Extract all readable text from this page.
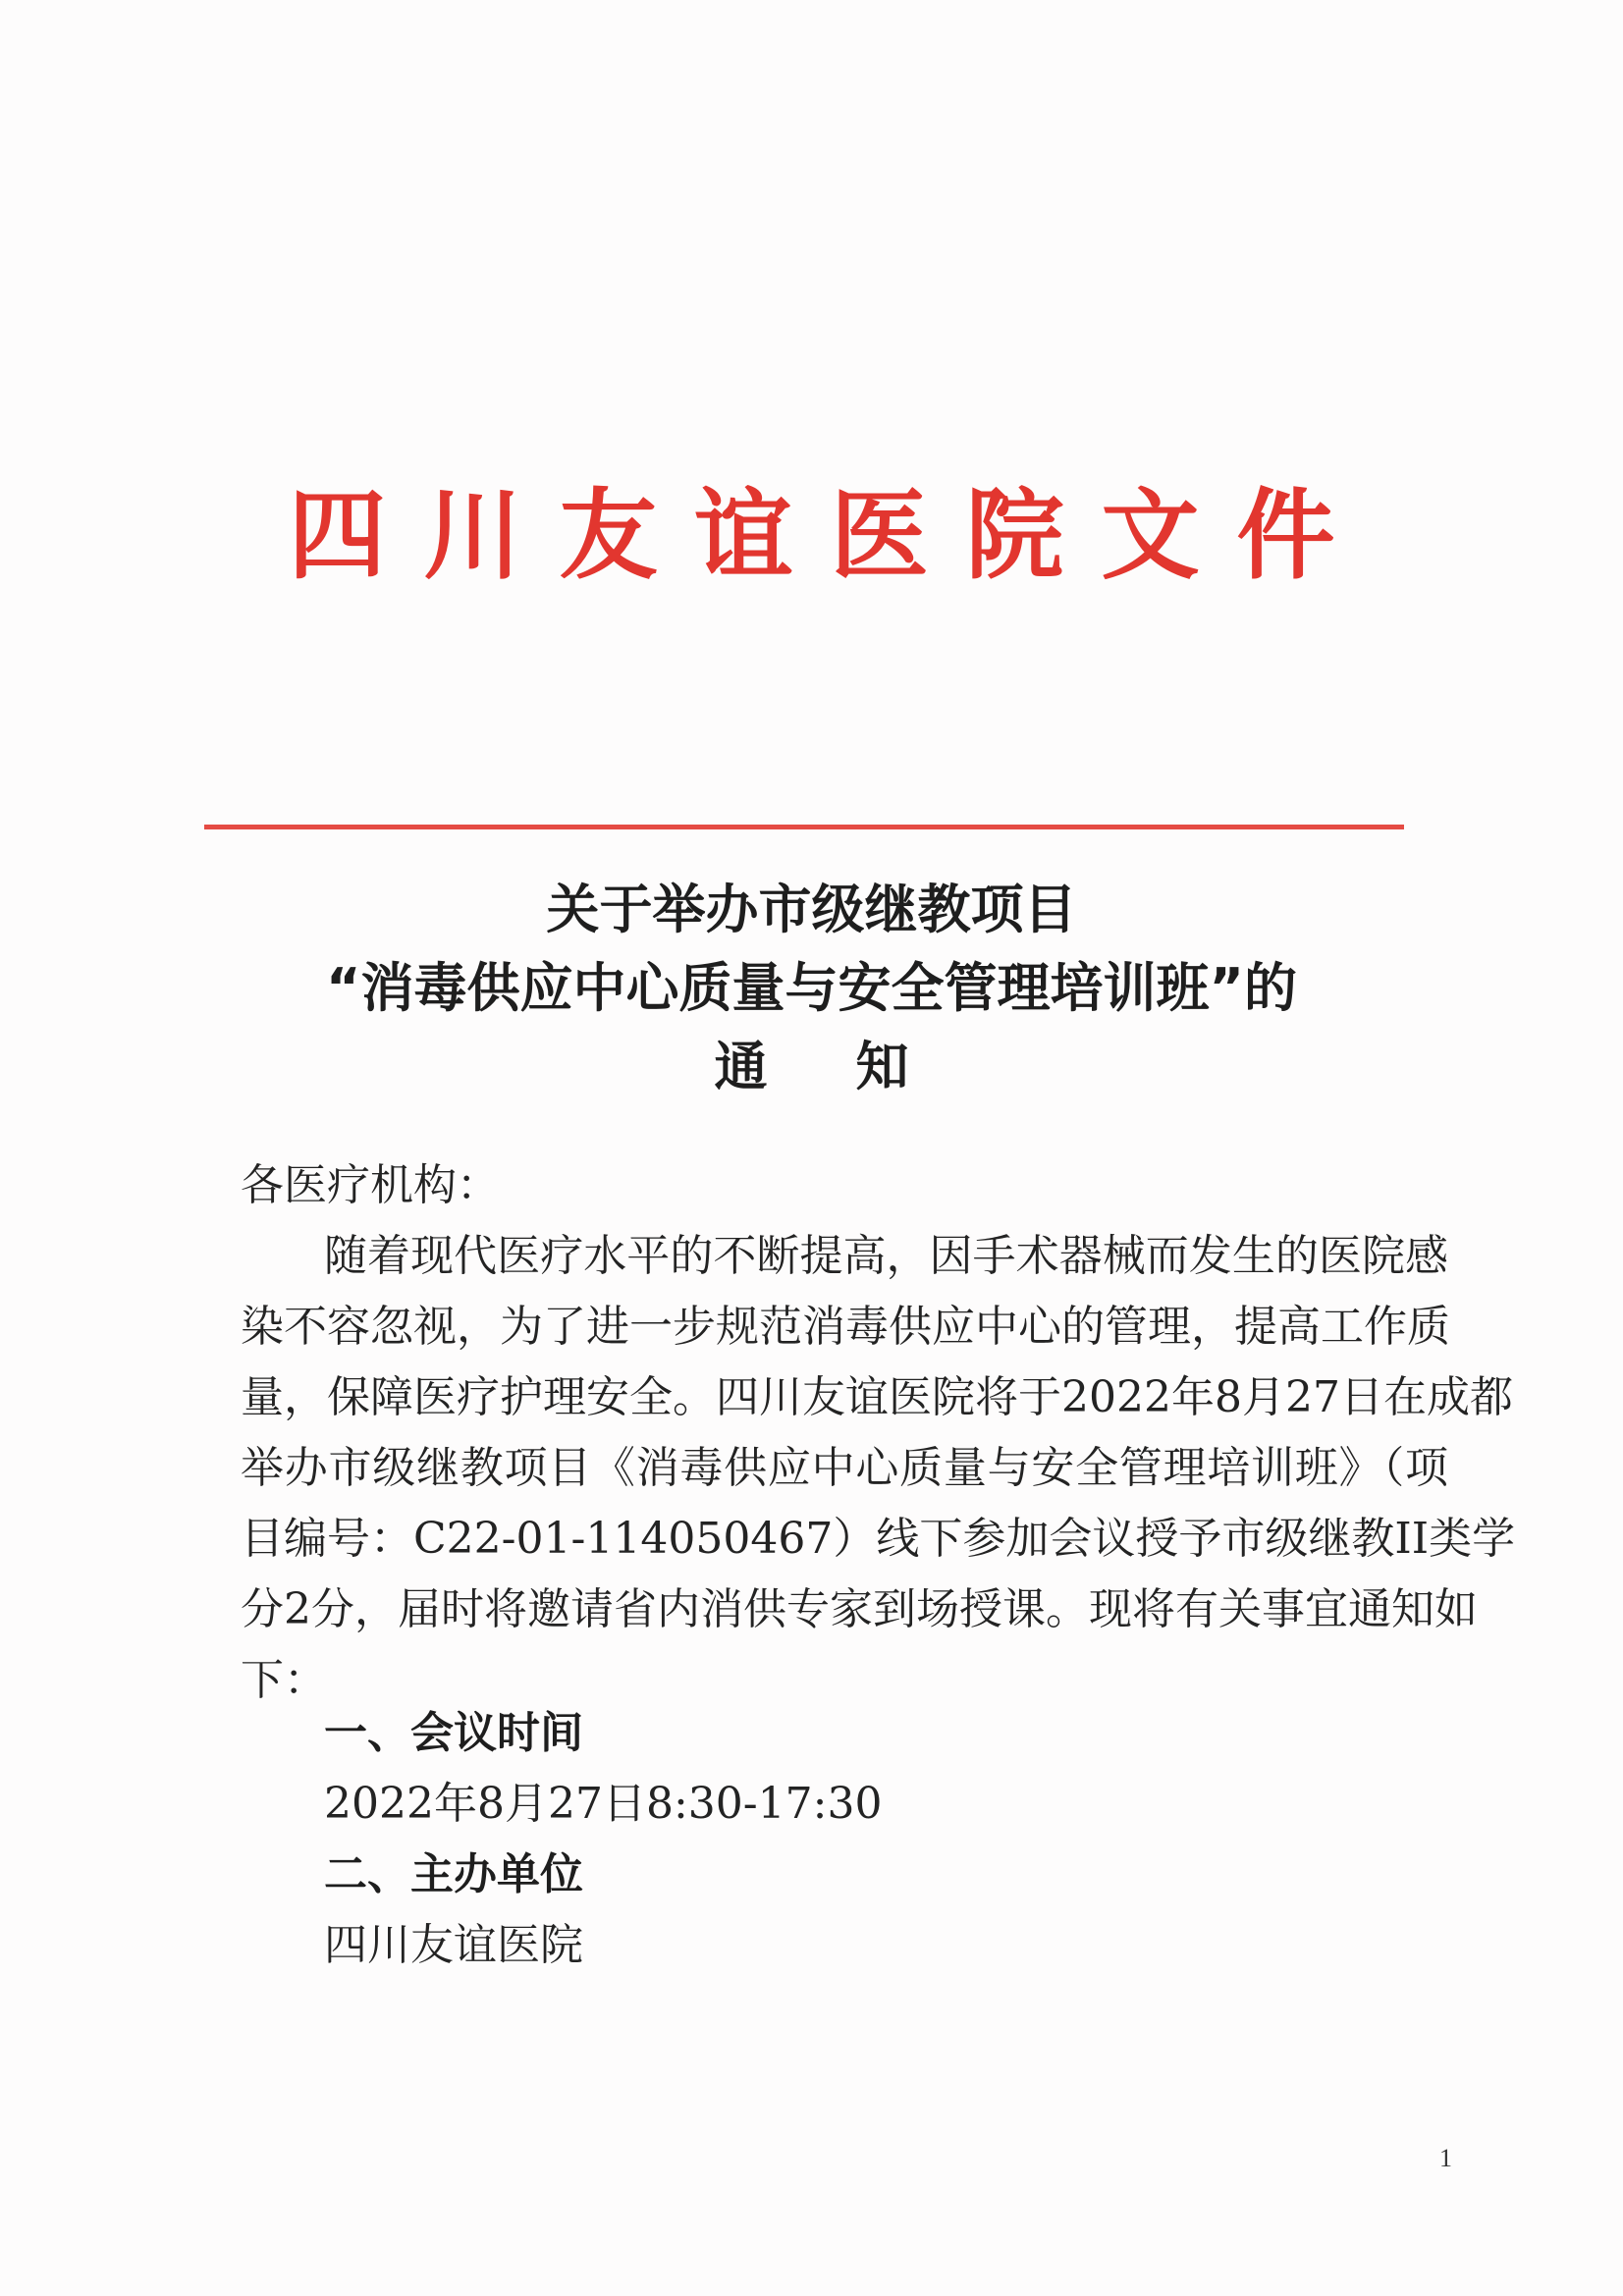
四川友谊医院文件
关于举办市级继教项目
“消毒供应中心质量与安全管理培训班”的
通知
各医疗机构：
随着现代医疗水平的不断提高，因手术器械而发生的医院感
染不容忽视，为了进一步规范消毒供应中心的管理，提高工作质
量，保障医疗护理安全。四川友谊医院将于2022年8月27日在成都
举办市级继教项目《消毒供应中心质量与安全管理培训班》（项
目编号：C22-01-114050467）线下参加会议授予市级继教II类学
分2分，届时将邀请省内消供专家到场授课。现将有关事宜通知如
下：
一、会议时间
2022年8月27日8:30-17:30
二、主办单位
四川友谊医院
1
